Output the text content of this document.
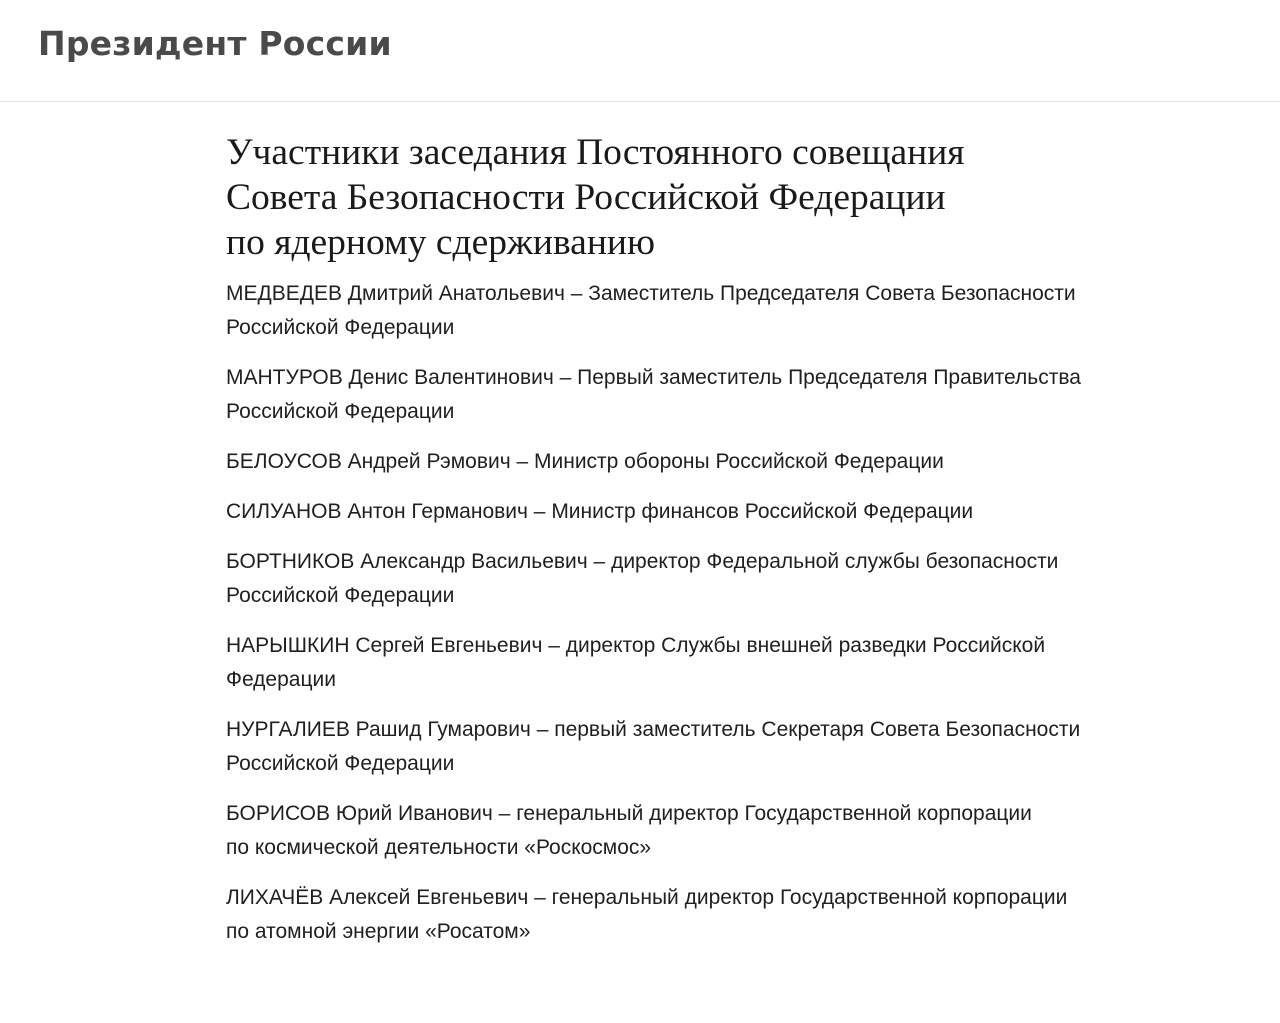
Президент России
Участники заседания Постоянного совещания
Совета Безопасности Российской Федерации
по ядерному сдерживанию
МЕДВЕДЕВ Дмитрий Анатольевич – Заместитель Председателя Совета Безопасности
Российской Федерации
МАНТУРОВ Денис Валентинович – Первый заместитель Председателя Правительства
Российской Федерации
БЕЛОУСОВ Андрей Рэмович – Министр обороны Российской Федерации
СИЛУАНОВ Антон Германович – Министр финансов Российской Федерации
БОРТНИКОВ Александр Васильевич – директор Федеральной службы безопасности
Российской Федерации
НАРЫШКИН Сергей Евгеньевич – директор Службы внешней разведки Российской
Федерации
НУРГАЛИЕВ Рашид Гумарович – первый заместитель Секретаря Совета Безопасности
Российской Федерации
БОРИСОВ Юрий Иванович – генеральный директор Государственной корпорации
по космической деятельности «Роскосмос»
ЛИХАЧЁВ Алексей Евгеньевич – генеральный директор Государственной корпорации
по атомной энергии «Росатом»
